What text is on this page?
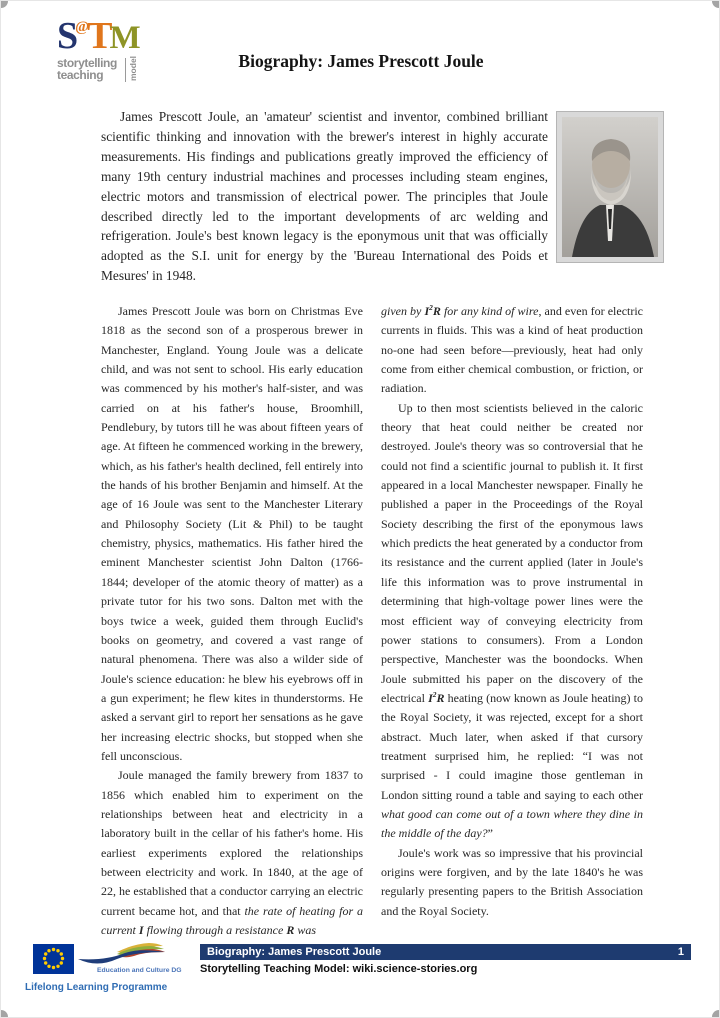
S@TM
storytelling
teaching	model	Biography: James Prescott Joule

James Prescott Joule, an 'amateur' scientist and inventor, combined brilliant scientific thinking and innovation with the brewer's interest in highly accurate measurements. His findings and publications greatly improved the efficiency of many 19th century industrial machines and processes including steam engines, electric motors and transmission of electrical power. The principles that Joule described directly led to the important developments of arc welding and refrigeration. Joule's best known legacy is the eponymous unit that was officially adopted as the S.I. unit for energy by the 'Bureau International des Poids et Mesures' in 1948.

James Prescott Joule was born on Christmas Eve 1818 as the second son of a prosperous brewer in Manchester, England. Young Joule was a delicate child, and was not sent to school. His early education was commenced by his mother's half-sister, and was carried on at his father's house, Broomhill, Pendlebury, by tutors till he was about fifteen years of age. At fifteen he commenced working in the brewery, which, as his father's health declined, fell entirely into the hands of his brother Benjamin and himself. At the age of 16 Joule was sent to the Manchester Literary and Philosophy Society (Lit & Phil) to be taught chemistry, physics, mathematics. His father hired the eminent Manchester scientist John Dalton (1766-1844; developer of the atomic theory of matter) as a private tutor for his two sons. Dalton met with the boys twice a week, guided them through Euclid's books on geometry, and covered a vast range of natural phenomena. There was also a wilder side of Joule's science education: he blew his eyebrows off in a gun experiment; he flew kites in thunderstorms. He asked a servant girl to report her sensations as he gave her increasing electric shocks, but stopped when she fell unconscious.

Joule managed the family brewery from 1837 to 1856 which enabled him to experiment on the relationships between heat and electricity in a laboratory built in the cellar of his father's home. His earliest experiments explored the relationships between electricity and work. In 1840, at the age of 22, he established that a conductor carrying an electric current became hot, and that the rate of heating for a current I flowing through a resistance R was

given by $I^2R$ for any kind of wire, and even for electric currents in fluids. This was a kind of heat production no-one had seen before—previously, heat had only come from either chemical combustion, or friction, or radiation.

Up to then most scientists believed in the caloric theory that heat could neither be created nor destroyed. Joule's theory was so controversial that he could not find a scientific journal to publish it. It first appeared in a local Manchester newspaper. Finally he published a paper in the Proceedings of the Royal Society describing the first of the eponymous laws which predicts the heat generated by a conductor from its resistance and the current applied (later in Joule's life this information was to prove instrumental in determining that high-voltage power lines were the most efficient way of conveying electricity from power stations to consumers). From a London perspective, Manchester was the boondocks. When Joule submitted his paper on the discovery of the electrical $I^2R$ heating (now known as Joule heating) to the Royal Society, it was rejected, except for a short abstract. Much later, when asked if that cursory treatment surprised him, he replied: “I was not surprised - I could imagine those gentleman in London sitting round a table and saying to each other what good can come out of a town where they dine in the middle of the day?”

Joule's work was so impressive that his provincial origins were forgiven, and by the late 1840's he was regularly presenting papers to the British Association and the Royal Society.

Education and Culture DG
Lifelong Learning Programme
Biography: James Prescott Joule	1
Storytelling Teaching Model: wiki.science-stories.org
